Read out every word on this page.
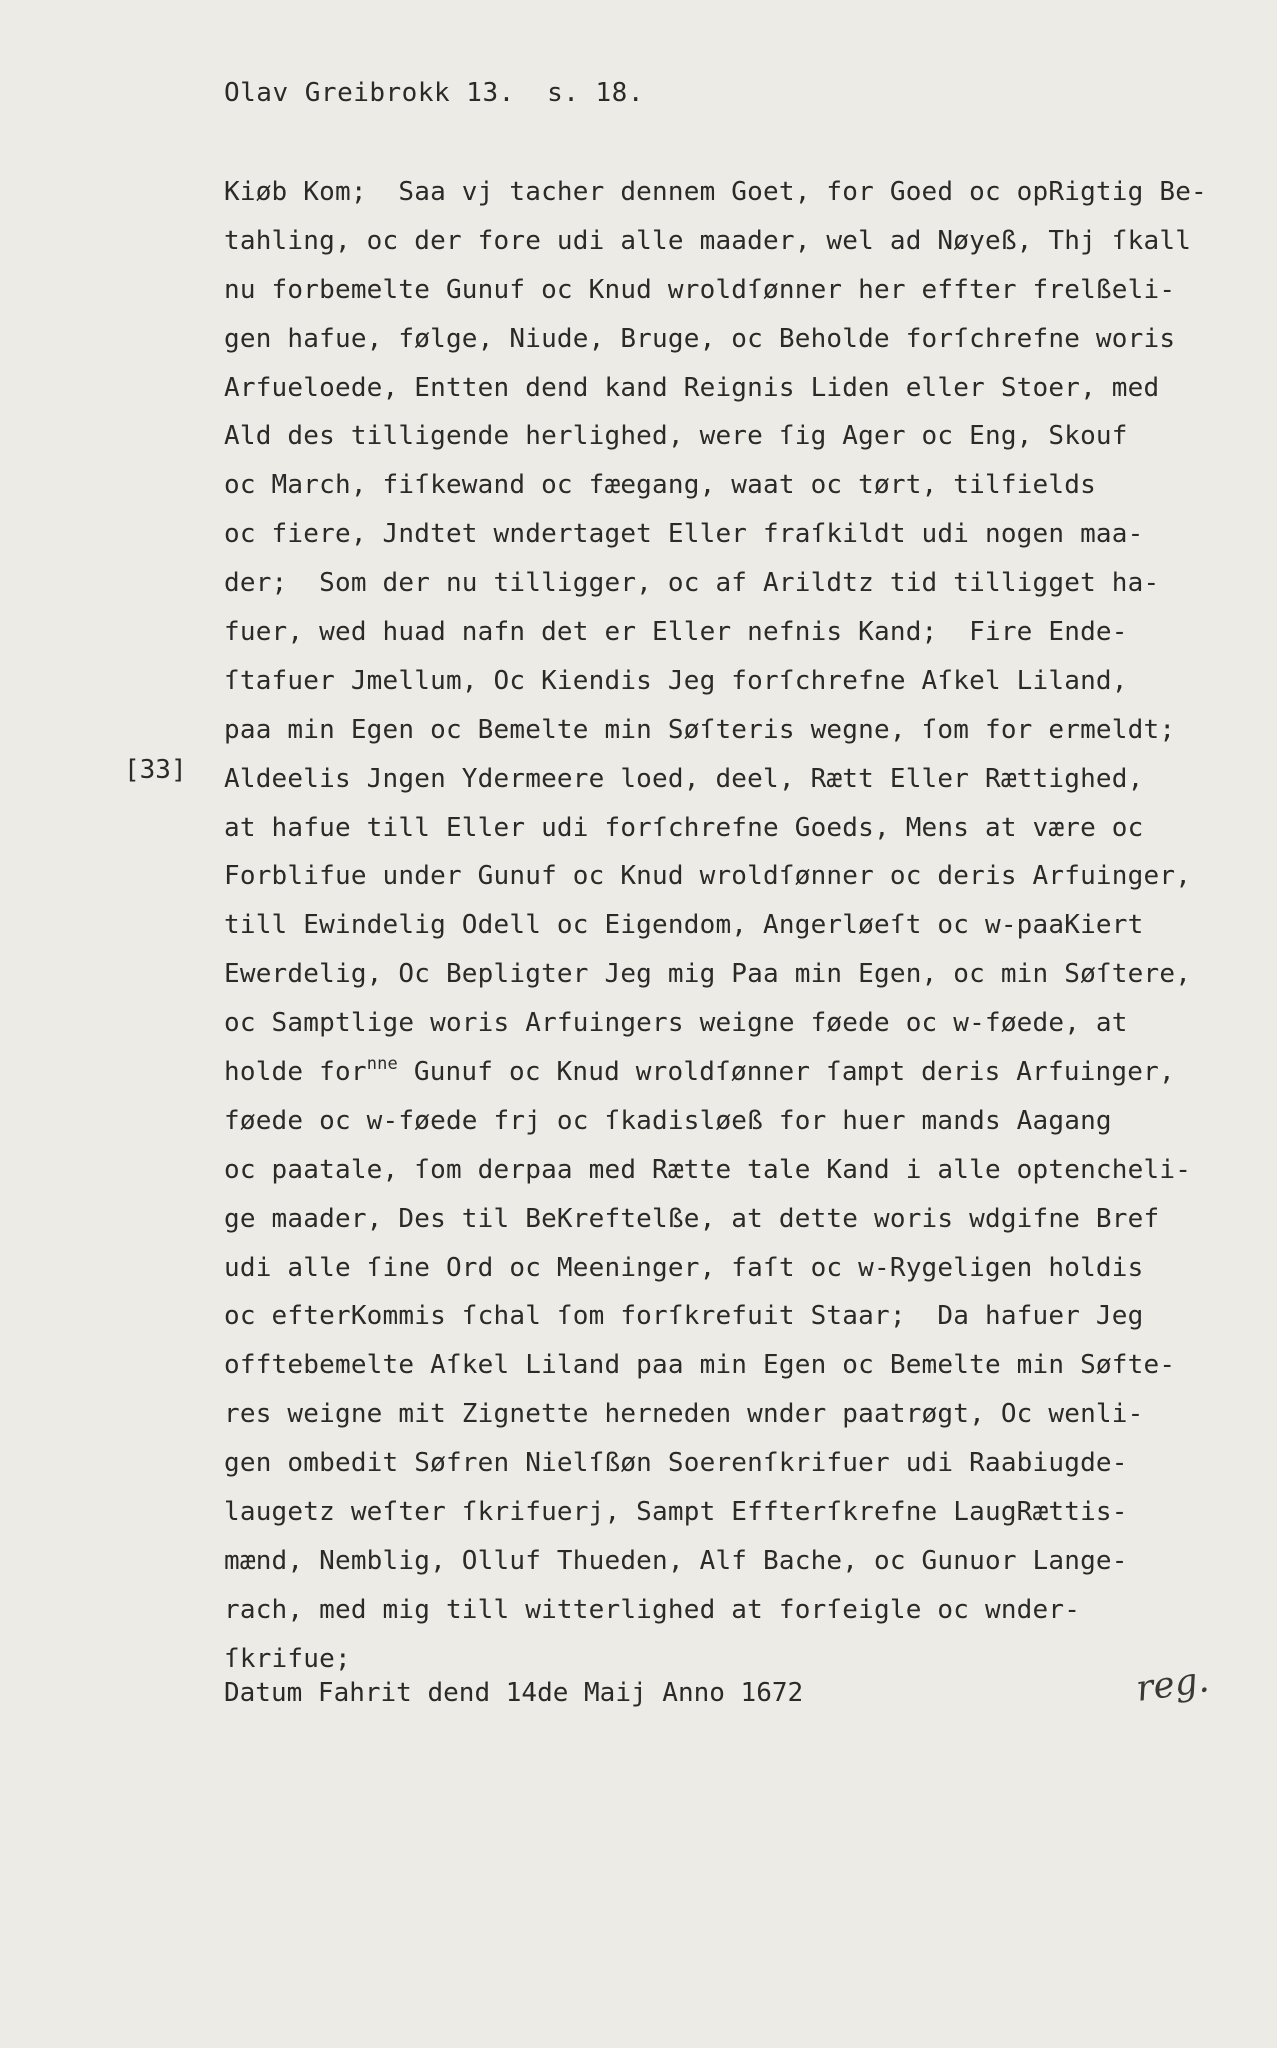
Olav Greibrokk 13.  s. 18.
[33]
Kiøb Kom;  Saa vj tacher dennem Goet, for Goed oc opRigtig Be-
tahling, oc der fore udi alle maader, wel ad Nøyeß, Thj ſkall
nu forbemelte Gunuf oc Knud wroldſønner her effter frelßeli-
gen hafue, følge, Niude, Bruge, oc Beholde forſchrefne woris
Arfueloede, Entten dend kand Reignis Liden eller Stoer, med
Ald des tilligende herlighed, were ſig Ager oc Eng, Skouf
oc March, fiſkewand oc fæegang, waat oc tørt, tilfields
oc fiere, Jndtet wndertaget Eller fraſkildt udi nogen maa-
der;  Som der nu tilligger, oc af Arildtz tid tilligget ha-
fuer, wed huad nafn det er Eller nefnis Kand;  Fire Ende-
ſtafuer Jmellum, Oc Kiendis Jeg forſchrefne Aſkel Liland,
paa min Egen oc Bemelte min Søſteris wegne, ſom for ermeldt;
Aldeelis Jngen Ydermeere loed, deel, Rætt Eller Rættighed,
at hafue till Eller udi forſchrefne Goeds, Mens at være oc
Forblifue under Gunuf oc Knud wroldſønner oc deris Arfuinger,
till Ewindelig Odell oc Eigendom, Angerløeſt oc w-paaKiert
Ewerdelig, Oc Bepligter Jeg mig Paa min Egen, oc min Søſtere,
oc Samptlige woris Arfuingers weigne føede oc w-føede, at
holde for$^{nne}$ Gunuf oc Knud wroldſønner ſampt deris Arfuinger,
føede oc w-føede frj oc ſkadisløeß for huer mands Aagang
oc paatale, ſom derpaa med Rætte tale Kand i alle optencheli-
ge maader, Des til BeKreftelße, at dette woris wdgifne Bref
udi alle ſine Ord oc Meeninger, faſt oc w-Rygeligen holdis
oc efterKommis ſchal ſom forſkrefuit Staar;  Da hafuer Jeg
offtebemelte Aſkel Liland paa min Egen oc Bemelte min Søfte-
res weigne mit Zignette herneden wnder paatrøgt, Oc wenli-
gen ombedit Søfren Nielſßøn Soerenſkrifuer udi Raabiugde-
laugetz weſter ſkrifuerj, Sampt Effterſkrefne LaugRættis-
mænd, Nemblig, Olluf Thueden, Alf Bache, oc Gunuor Lange-
rach, med mig till witterlighed at forſeigle oc wnder-
ſkrifue;
Datum Fahrit dend 14de Maij Anno 1672	reg.
